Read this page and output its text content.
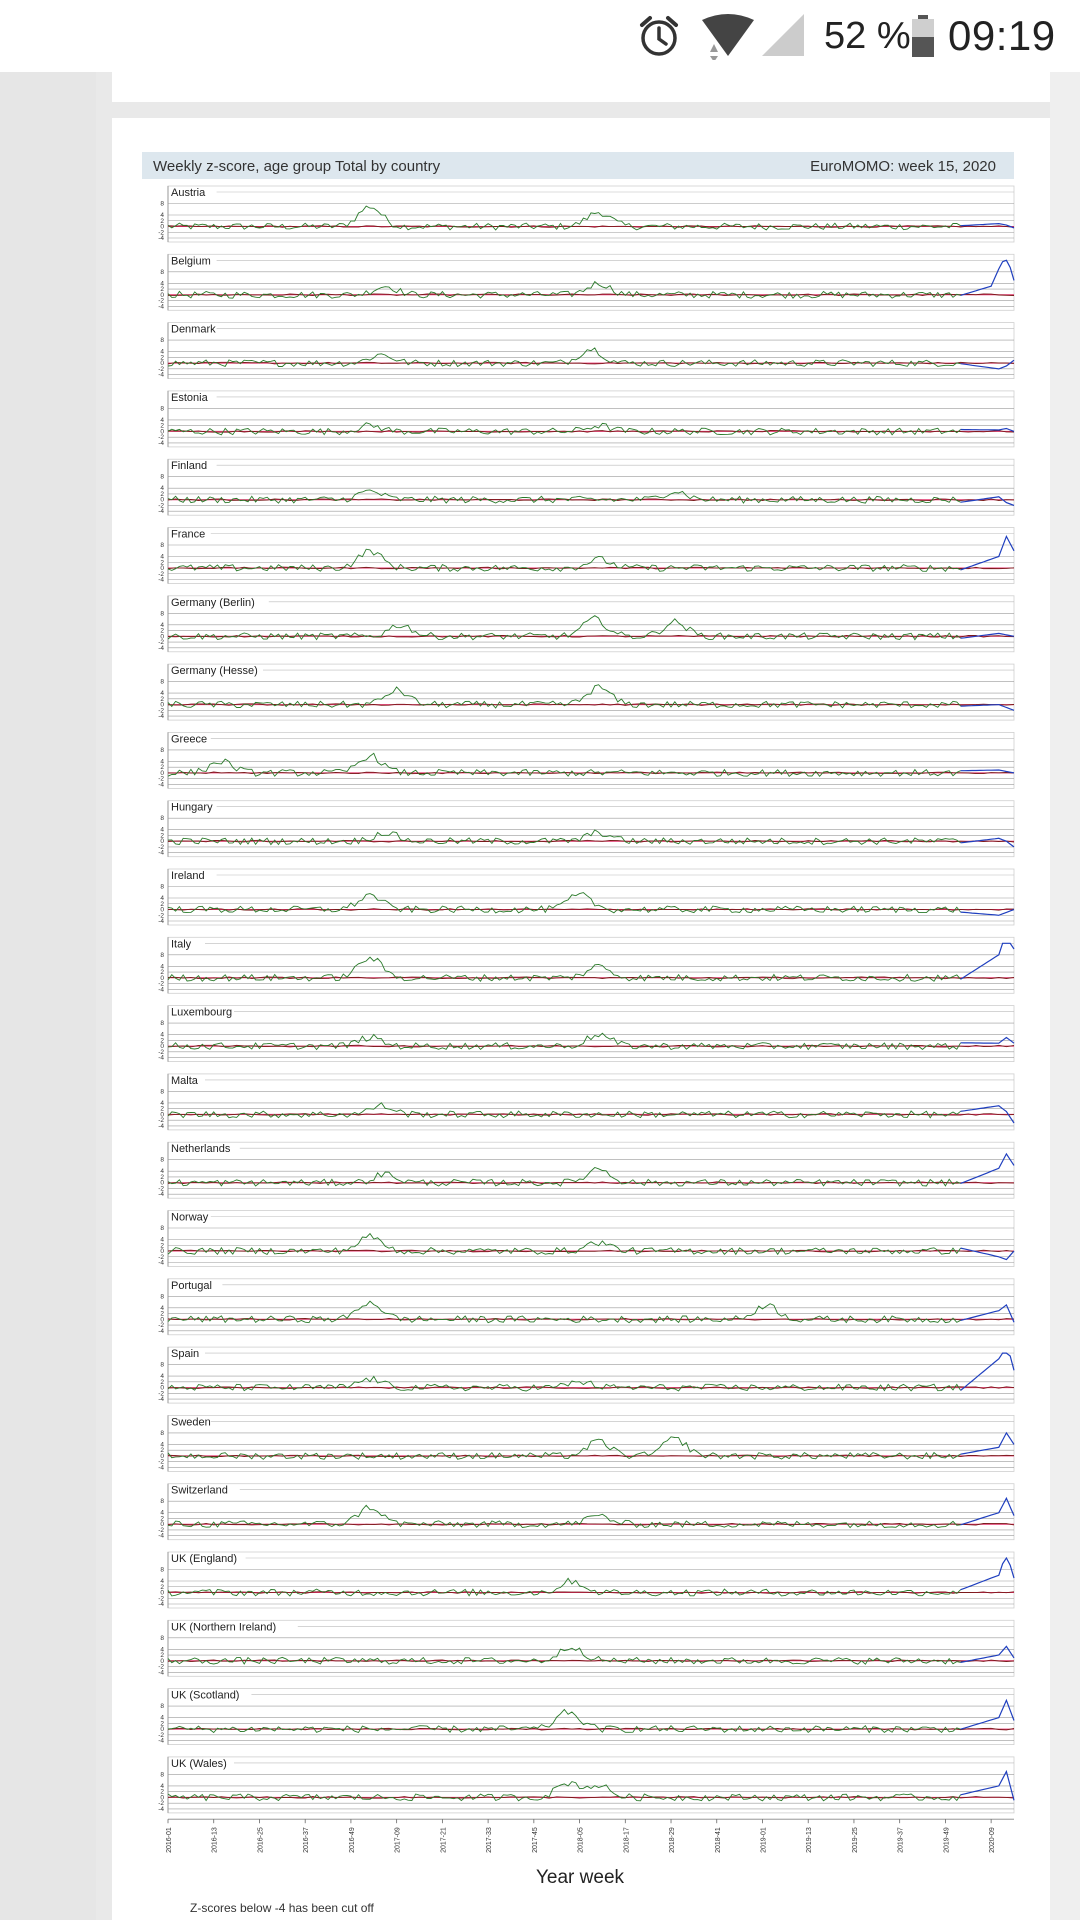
52 % 09:19
Weekly z-score, age group Total by country	EuroMOMO: week 15, 2020
Austria
8
4
2
0
-2
-4
Belgium
8
4
2
0
-2
-4
Denmark
8
4
2
0
-2
-4
Estonia
8
4
2
0
-2
-4
Finland
8
4
2
0
-2
-4
France
8
4
2
0
-2
-4
Germany (Berlin)
8
4
2
0
-2
-4
Germany (Hesse)
8
4
2
0
-2
-4
Greece
8
4
2
0
-2
-4
Hungary
8
4
2
0
-2
-4
Ireland
8
4
2
0
-2
-4
Italy
8
4
2
0
-2
-4
Luxembourg
8
4
2
0
-2
-4
Malta
8
4
2
0
-2
-4
Netherlands
8
4
2
0
-2
-4
Norway
8
4
2
0
-2
-4
Portugal
8
4
2
0
-2
-4
Spain
8
4
2
0
-2
-4
Sweden
8
4
2
0
-2
-4
Switzerland
8
4
2
0
-2
-4
UK (England)
8
4
2
0
-2
-4
UK (Northern Ireland)
8
4
2
0
-2
-4
UK (Scotland)
8
4
2
0
-2
-4
UK (Wales)
8
4
2
0
-2
-4
2016-01	2016-13	2016-25	2016-37	2016-49	2017-09	2017-21	2017-33	2017-45	2018-05	2018-17	2018-29	2018-41	2019-01	2019-13	2019-25	2019-37	2019-49	2020-09
Year week
Z-scores below -4 has been cut off
